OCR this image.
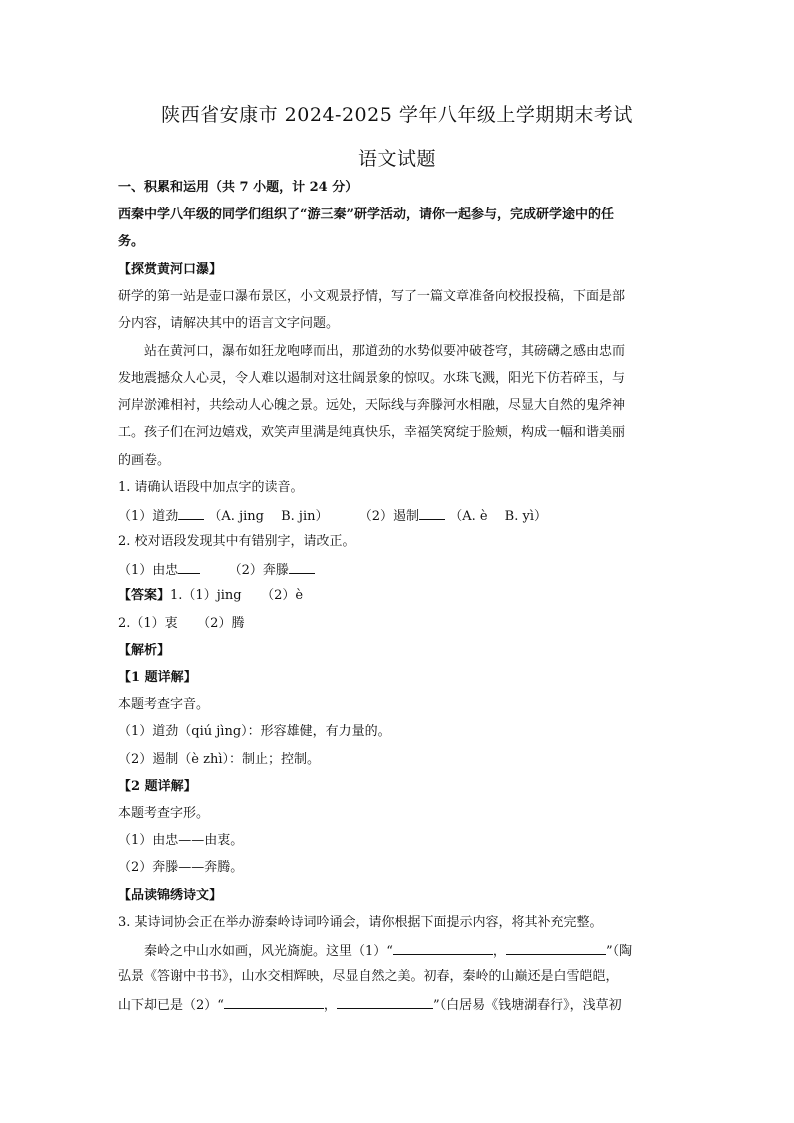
陕西省安康市 2024-2025 学年八年级上学期期末考试
语文试题
一、积累和运用（共 7 小题，计 24 分）
西秦中学八年级的同学们组织了“游三秦”研学活动，请你一起参与，完成研学途中的任
务。
【探赏黄河口瀑】
研学的第一站是壶口瀑布景区，小文观景抒情，写了一篇文章准备向校报投稿，下面是部
分内容，请解决其中的语言文字问题。
站在黄河口，瀑布如狂龙咆哮而出，那道劲的水势似要冲破苍穹，其磅礴之感由忠而
发地震撼众人心灵，令人难以遏制对这壮阔景象的惊叹。水珠飞溅，阳光下仿若碎玉，与
河岸淤滩相衬，共绘动人心魄之景。远处，天际线与奔滕河水相融，尽显大自然的鬼斧神
工。孩子们在河边嬉戏，欢笑声里满是纯真快乐，幸福笑窝绽于脸颊，构成一幅和谐美丽
的画卷。
1. 请确认语段中加点字的读音。
（1）道劲 （A. jing　 B. jin） （2）遏制 （A. è　 B. yì）
2. 校对语段发现其中有错别字，请改正。
（1）由忠	（2）奔滕
【答案】1.（1）jing　　（2）è
2.（1）衷　　（2）腾
【解析】
【1 题详解】
本题考查字音。
（1）道劲（qiú jìng）：形容雄健，有力量的。
（2）遏制（è zhì）：制止；控制。
【2 题详解】
本题考查字形。
（1）由忠——由衷。
（2）奔滕——奔腾。
【品读锦绣诗文】
3. 某诗词协会正在举办游秦岭诗词吟诵会，请你根据下面提示内容，将其补充完整。
秦岭之中山水如画，风光旖旎。这里（1）“	，	”（陶
弘景《答谢中书书》，山水交相辉映，尽显自然之美。初春，秦岭的山巅还是白雪皑皑，
山下却已是（2）“	，	”（白居易《钱塘湖春行》，浅草初
